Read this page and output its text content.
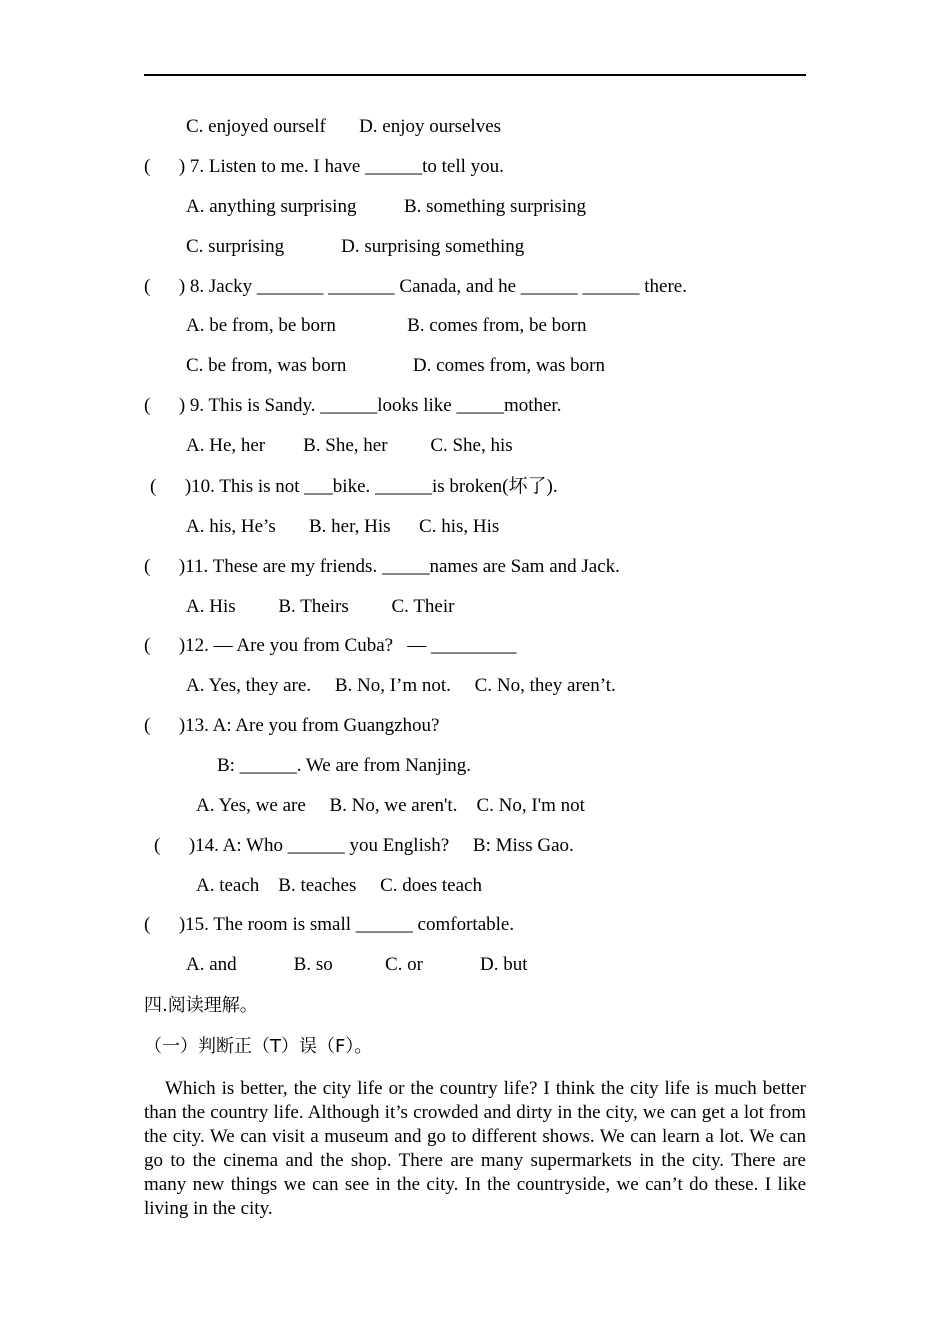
C. enjoyed ourself       D. enjoy ourselves
(      ) 7. Listen to me. I have ______to tell you.
A. anything surprising          B. something surprising
C. surprising            D. surprising something
(      ) 8. Jacky _______ _______ Canada, and he ______ ______ there.
A. be from, be born               B. comes from, be born
C. be from, was born              D. comes from, was born
(      ) 9. This is Sandy. ______looks like _____mother.
A. He, her        B. She, her         C. She, his
(      )10. This is not ___bike. ______is broken(坏了).
A. his, He’s       B. her, His      C. his, His
(      )11. These are my friends. _____names are Sam and Jack.
A. His         B. Theirs         C. Their
(      )12. — Are you from Cuba?   — _________
A. Yes, they are.     B. No, I’m not.     C. No, they aren’t.
(      )13. A: Are you from Guangzhou?
B: ______. We are from Nanjing.
A. Yes, we are     B. No, we aren't.    C. No, I'm not
(      )14. A: Who ______ you English?     B: Miss Gao.
A. teach    B. teaches     C. does teach
(      )15. The room is small ______ comfortable.
A. and            B. so           C. or            D. but
四.阅读理解。
（一）判断正（T）误（F）。

Which is better, the city life or the country life? I think the city life is much better than the country life. Although it’s crowded and dirty in the city, we can get a lot from the city. We can visit a museum and go to different shows. We can learn a lot. We can go to the cinema and the shop. There are many supermarkets in the city. There are many new things we can see in the city. In the countryside, we can’t do these. I like living in the city.
